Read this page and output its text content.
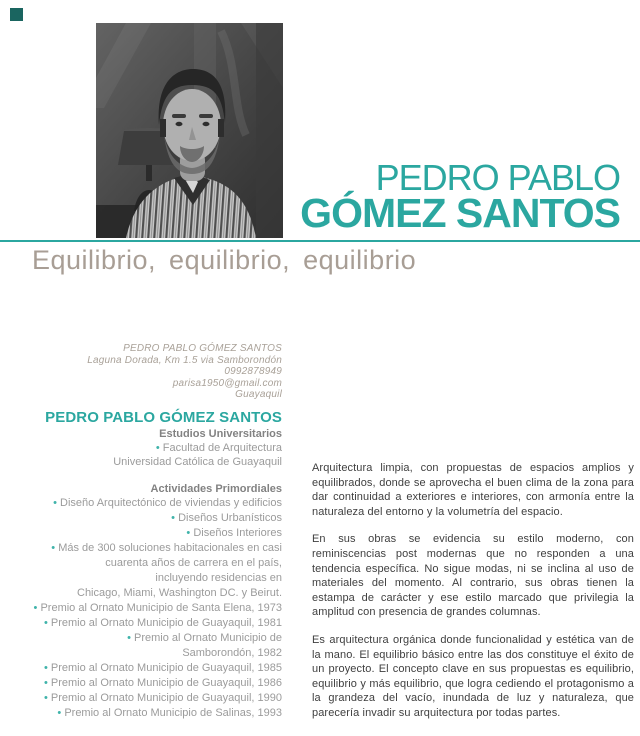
PEDRO PABLO
GÓMEZ SANTOS
Equilibrio, equilibrio, equilibrio
PEDRO PABLO GÓMEZ SANTOS
Laguna Dorada, Km 1.5 via Samborondón
0992878949
parisa1950@gmail.com
Guayaquil
PEDRO PABLO GÓMEZ SANTOS
Estudios Universitarios
• Facultad de Arquitectura
Universidad Católica de Guayaquil
Actividades Primordiales
• Diseño Arquitectónico de viviendas y edificios
• Diseños Urbanísticos
• Diseños Interiores
• Más de 300 soluciones habitacionales en casi
cuarenta años de carrera en el país,
incluyendo residencias en
Chicago, Miami, Washington DC. y Beirut.
• Premio al Ornato Municipio de Santa Elena, 1973
• Premio al Ornato Municipio de Guayaquil, 1981
• Premio al Ornato Municipio de
Samborondón, 1982
• Premio al Ornato Municipio de Guayaquil, 1985
• Premio al Ornato Municipio de Guayaquil, 1986
• Premio al Ornato Municipio de Guayaquil, 1990
• Premio al Ornato Municipio de Salinas, 1993

Arquitectura limpia, con propuestas de espacios amplios y equilibrados, donde se aprovecha el buen clima de la zona para dar continuidad a exteriores e interiores, con armonía entre la naturaleza del entorno y la volumetría del espacio.

En sus obras se evidencia su estilo moderno, con reminiscencias post modernas que no responden a una tendencia específica. No sigue modas, ni se inclina al uso de materiales del momento. Al contrario, sus obras tienen la estampa de carácter y ese estilo marcado que privilegia la amplitud con presencia de grandes columnas.

Es arquitectura orgánica donde funcionalidad y estética van de la mano. El equilibrio básico entre las dos constituye el éxito de un proyecto. El concepto clave en sus propuestas es equilibrio, equilibrio y más equilibrio, que logra cediendo el protagonismo a la grandeza del vacío, inundada de luz y naturaleza, que parecería invadir su arquitectura por todas partes.
